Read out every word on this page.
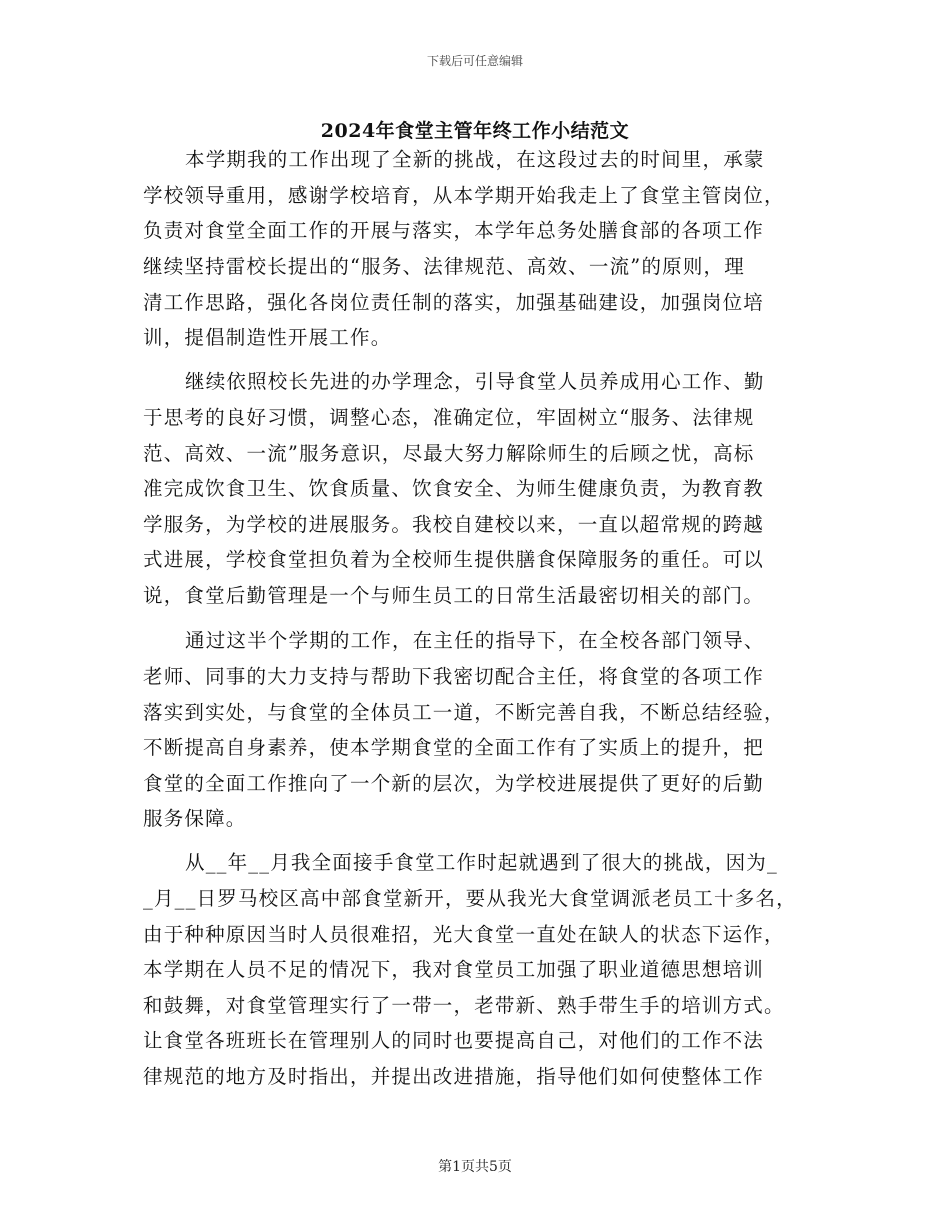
下载后可任意编辑
2024年食堂主管年终工作小结范文
本学期我的工作出现了全新的挑战，在这段过去的时间里，承蒙
学校领导重用，感谢学校培育，从本学期开始我走上了食堂主管岗位，
负责对食堂全面工作的开展与落实，本学年总务处膳食部的各项工作
继续坚持雷校长提出的“服务、法律规范、高效、一流”的原则，理
清工作思路，强化各岗位责任制的落实，加强基础建设，加强岗位培
训，提倡制造性开展工作。
继续依照校长先进的办学理念，引导食堂人员养成用心工作、勤
于思考的良好习惯，调整心态，准确定位，牢固树立“服务、法律规
范、高效、一流”服务意识，尽最大努力解除师生的后顾之忧，高标
准完成饮食卫生、饮食质量、饮食安全、为师生健康负责，为教育教
学服务，为学校的进展服务。我校自建校以来，一直以超常规的跨越
式进展，学校食堂担负着为全校师生提供膳食保障服务的重任。可以
说，食堂后勤管理是一个与师生员工的日常生活最密切相关的部门。
通过这半个学期的工作，在主任的指导下，在全校各部门领导、
老师、同事的大力支持与帮助下我密切配合主任，将食堂的各项工作
落实到实处，与食堂的全体员工一道，不断完善自我，不断总结经验，
不断提高自身素养，使本学期食堂的全面工作有了实质上的提升，把
食堂的全面工作推向了一个新的层次，为学校进展提供了更好的后勤
服务保障。
从__年__月我全面接手食堂工作时起就遇到了很大的挑战，因为_
_月__日罗马校区高中部食堂新开，要从我光大食堂调派老员工十多名，
由于种种原因当时人员很难招，光大食堂一直处在缺人的状态下运作，
本学期在人员不足的情况下，我对食堂员工加强了职业道德思想培训
和鼓舞，对食堂管理实行了一带一，老带新、熟手带生手的培训方式。
让食堂各班班长在管理别人的同时也要提高自己，对他们的工作不法
律规范的地方及时指出，并提出改进措施，指导他们如何使整体工作
第1页共5页
